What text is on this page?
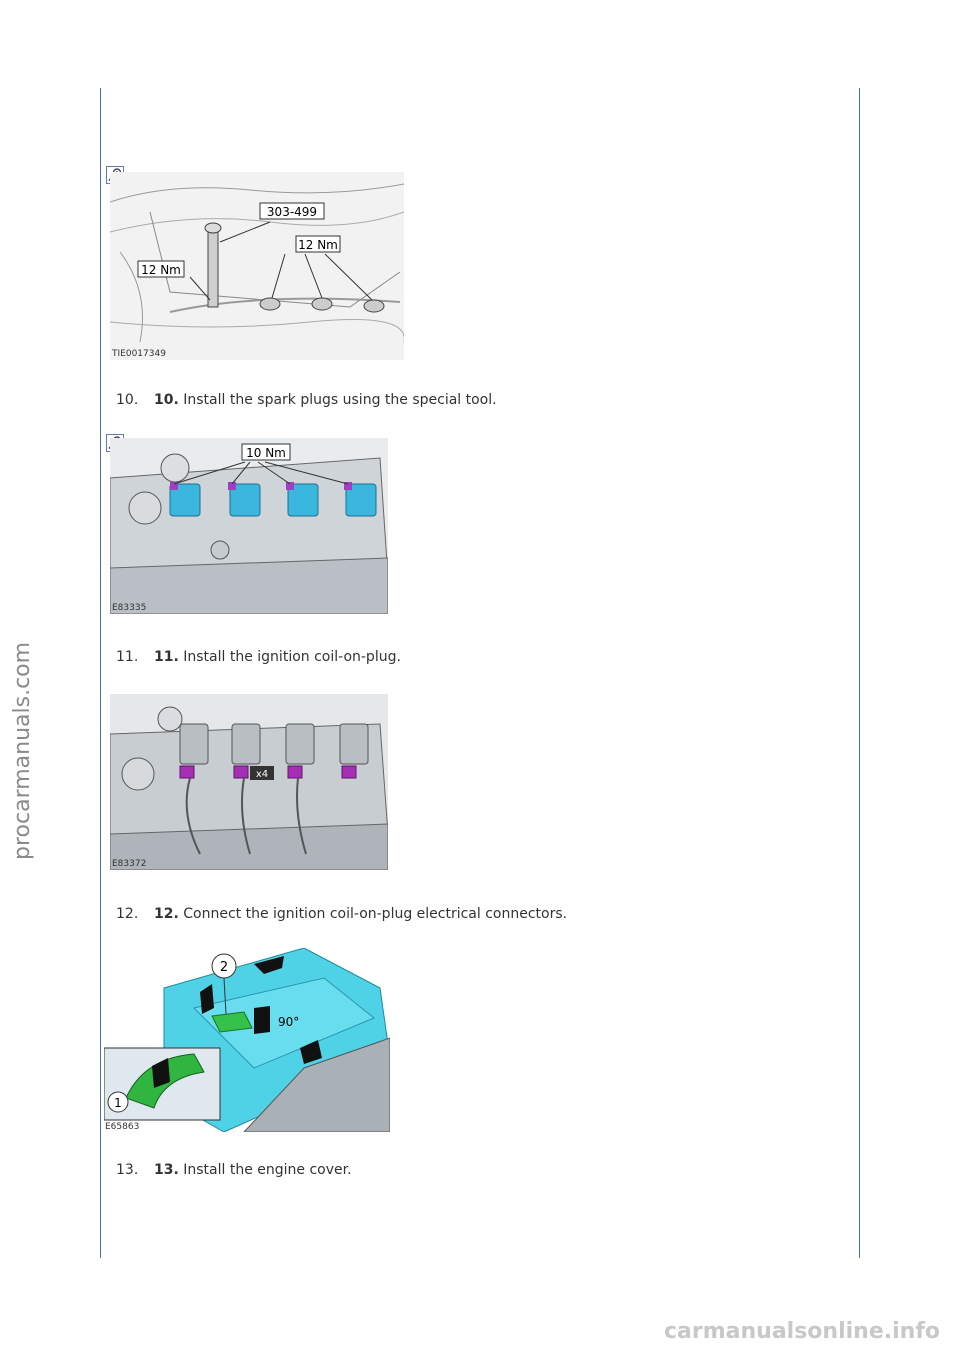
303-499
12 Nm
12 Nm
TIE0017349
10. 10. Install the spark plugs using the special tool.
10 Nm
E83335
11. 11. Install the ignition coil-on-plug.
x4
E83372
12. 12. Connect the ignition coil-on-plug electrical connectors.
2
90°
1
E65863
13. 13. Install the engine cover.
procarmanuals.com
carmanualsonline.info
